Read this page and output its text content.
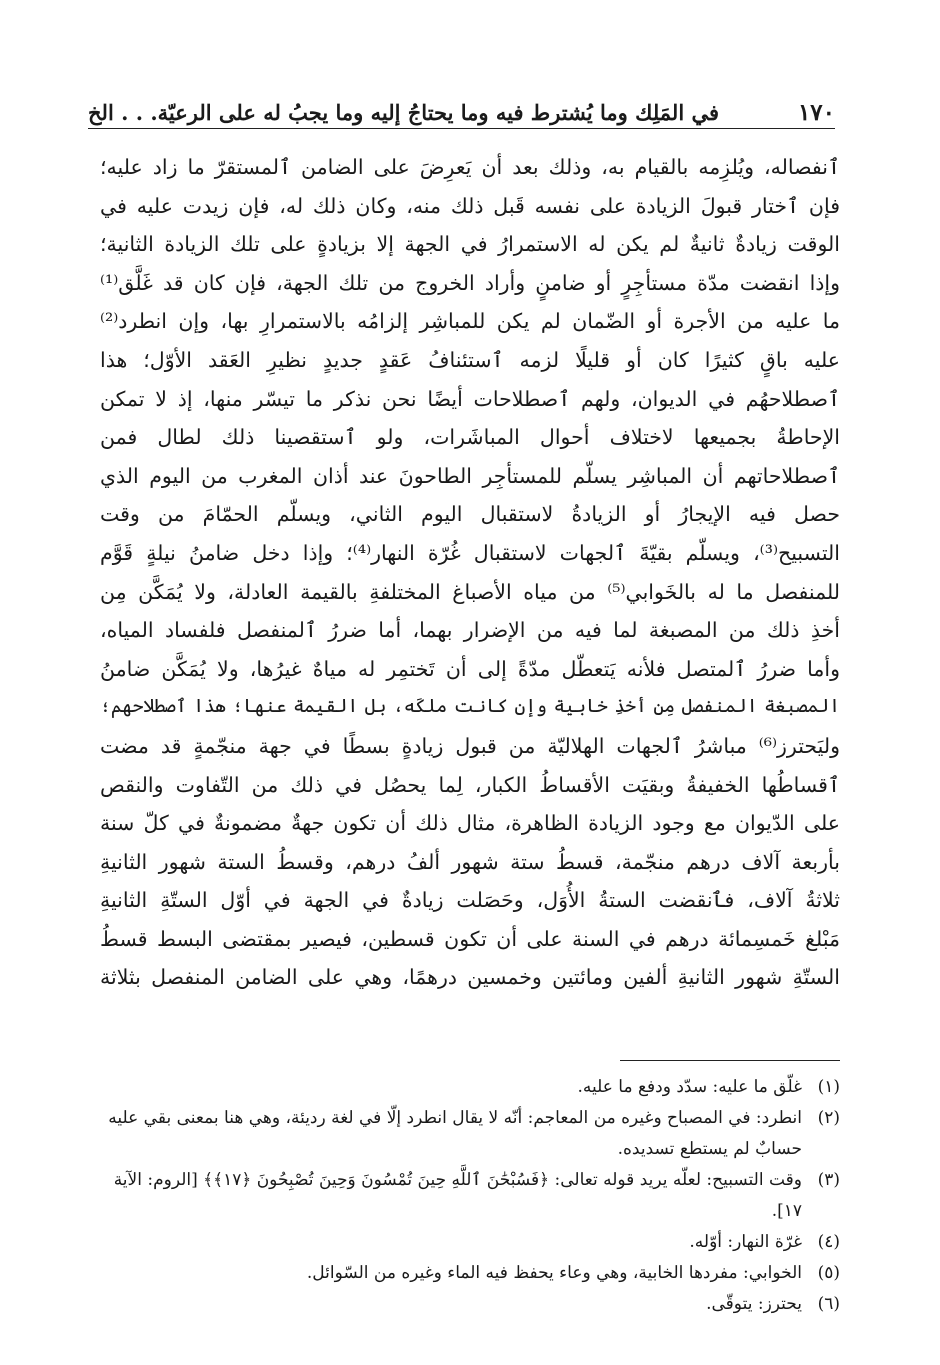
١٧٠
في المَلِك وما يُشترط فيه وما يحتاجُ إليه وما يجبُ له على الرعيّة. . . الخ
ٱنفصاله، ويُلزِمه بالقيام به، وذلك بعد أن يَعرِضَ على الضامن ٱلمستقرّ ما زاد عليه؛
فإن ٱختار قبولَ الزيادة على نفسه قَبل ذلك منه، وكان ذلك له، فإن زيدت عليه في
الوقت زيادةٌ ثانيةٌ لم يكن له الاستمرارُ في الجهة إلا بزيادةٍ على تلك الزيادة الثانية؛
وإذا انقضت مدّة مستأجِرٍ أو ضامنٍ وأراد الخروج من تلك الجهة، فإن كان قد غَلَّق⁽¹⁾
ما عليه من الأجرة أو الضّمان لم يكن للمباشِر إلزامُه بالاستمرارِ بها، وإن انطرد⁽²⁾
عليه باقٍ كثيرًا كان أو قليلًا لزمه ٱستئنافُ عَقدٍ جديدٍ نظيرِ العَقد الأوّل؛ هذا
ٱصطلاحهُم في الديوان، ولهم ٱصطلاحات أيضًا نحن نذكر ما تيسّر منها، إذ لا تمكن
الإحاطةُ بجميعها لاختلاف أحوال المباشَرات، ولو ٱستقصينا ذلك لطال فمن
ٱصطلاحاتهم أن المباشِر يسلّم للمستأجِر الطاحونَ عند أذان المغرب من اليوم الذي
حصل فيه الإيجارُ أو الزيادةُ لاستقبال اليوم الثاني، ويسلّم الحمّامَ من وقت
التسبيح⁽³⁾، ويسلّم بقيّةَ ٱلجهات لاستقبال غُرّة النهار⁽⁴⁾؛ وإذا دخل ضامنُ نيلةٍ قَوَّم
للمنفصل ما له بالخَوابي⁽⁵⁾ من مياه الأصباغ المختلفةِ بالقيمة العادلة، ولا يُمَكَّن مِن
أخذِ ذلك من المصبغة لما فيه من الإضرار بهما، أما ضررُ ٱلمنفصل فلفساد المياه،
وأما ضررُ ٱلمتصل فلأنه يَتعطّل مدّةً إلى أن تَختمِر له مياهٌ غيرُها، ولا يُمَكَّن ضامنُ
المصبغة المنفصل مِن أخذِ خابية وإن كانت ملكَه، بل القيمة عنها؛ هذا ٱصطلاحهم؛
وليَحترز⁽⁶⁾ مباشرُ ٱلجهات الهلاليّة من قبول زيادةٍ بسطًا في جهة منجّمةٍ قد مضت
ٱقساطُها الخفيفةُ وبقيَت الأقساطُ الكبار، لِما يحصُل في ذلك من التّفاوت والنقص
على الدّيوان مع وجود الزيادة الظاهرة، مثال ذلك أن تكون جهةٌ مضمونةٌ في كلّ سنة
بأربعة آلاف درهم منجّمة، قسطُ ستة شهور ألفُ درهم، وقسطُ الستة شهور الثانيةِ
ثلاثةُ آلاف، فٱنقضت الستةُ الأُوَل، وحَصَلت زيادةٌ في الجهة في أوّل الستّةِ الثانيةِ
مَبْلغ خَمسِمائة درهم في السنة على أن تكون قسطين، فيصير بمقتضى البسط قسطُ
الستّةِ شهور الثانيةِ ألفين ومائتين وخمسين درهمًا، وهي على الضامن المنفصل بثلاثة
(١)
غلّق ما عليه: سدّد ودفع ما عليه.
(٢)
انطرد: في المصباح وغيره من المعاجم: أنّه لا يقال انطرد إلّا في لغة رديئة، وهي هنا بمعنى بقي عليه حسابٌ لم يستطع تسديده.
(٣)
وقت التسبيح: لعلّه يريد قوله تعالى: ﴿فَسُبْحَٰنَ ٱللَّهِ حِينَ تُمْسُونَ وَحِينَ تُصْبِحُونَ ﴿١٧﴾﴾ [الروم: الآية ١٧].
(٤)
غرّة النهار: أوّله.
(٥)
الخوابي: مفردها الخابية، وهي وعاء يحفظ فيه الماء وغيره من السّوائل.
(٦)
يحترز: يتوقّى.
